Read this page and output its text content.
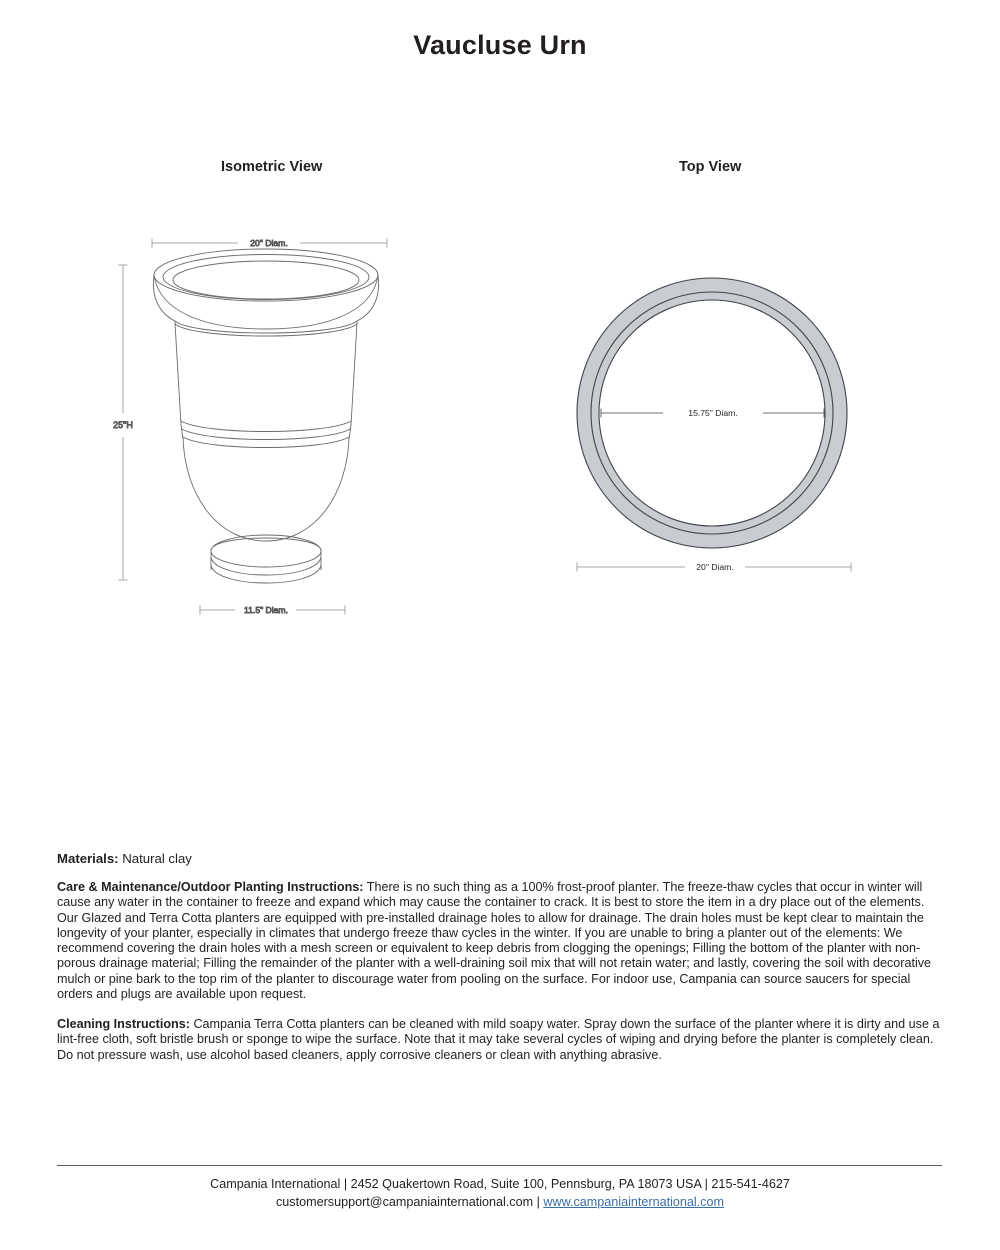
Vaucluse Urn
Isometric View	Top View
20" Diam.
25"H
11.5" Diam.
15.75" Diam.
20" Diam.
Materials: Natural clay
Care & Maintenance/Outdoor Planting Instructions: There is no such thing as a 100% frost-proof planter. The freeze-thaw cycles that occur in winter will cause any water in the container to freeze and expand which may cause the container to crack. It is best to store the item in a dry place out of the elements. Our Glazed and Terra Cotta planters are equipped with pre-installed drainage holes to allow for drainage. The drain holes must be kept clear to maintain the longevity of your planter, especially in climates that undergo freeze thaw cycles in the winter. If you are unable to bring a planter out of the elements: We recommend covering the drain holes with a mesh screen or equivalent to keep debris from clogging the openings; Filling the bottom of the planter with non-porous drainage material; Filling the remainder of the planter with a well-draining soil mix that will not retain water; and lastly, covering the soil with decorative mulch or pine bark to the top rim of the planter to discourage water from pooling on the surface. For indoor use, Campania can source saucers for special orders and plugs are available upon request.
Cleaning Instructions: Campania Terra Cotta planters can be cleaned with mild soapy water. Spray down the surface of the planter where it is dirty and use a lint-free cloth, soft bristle brush or sponge to wipe the surface. Note that it may take several cycles of wiping and drying before the planter is completely clean. Do not pressure wash, use alcohol based cleaners, apply corrosive cleaners or clean with anything abrasive.
Campania International | 2452 Quakertown Road, Suite 100, Pennsburg, PA 18073 USA | 215-541-4627
customersupport@campaniainternational.com | www.campaniainternational.com
